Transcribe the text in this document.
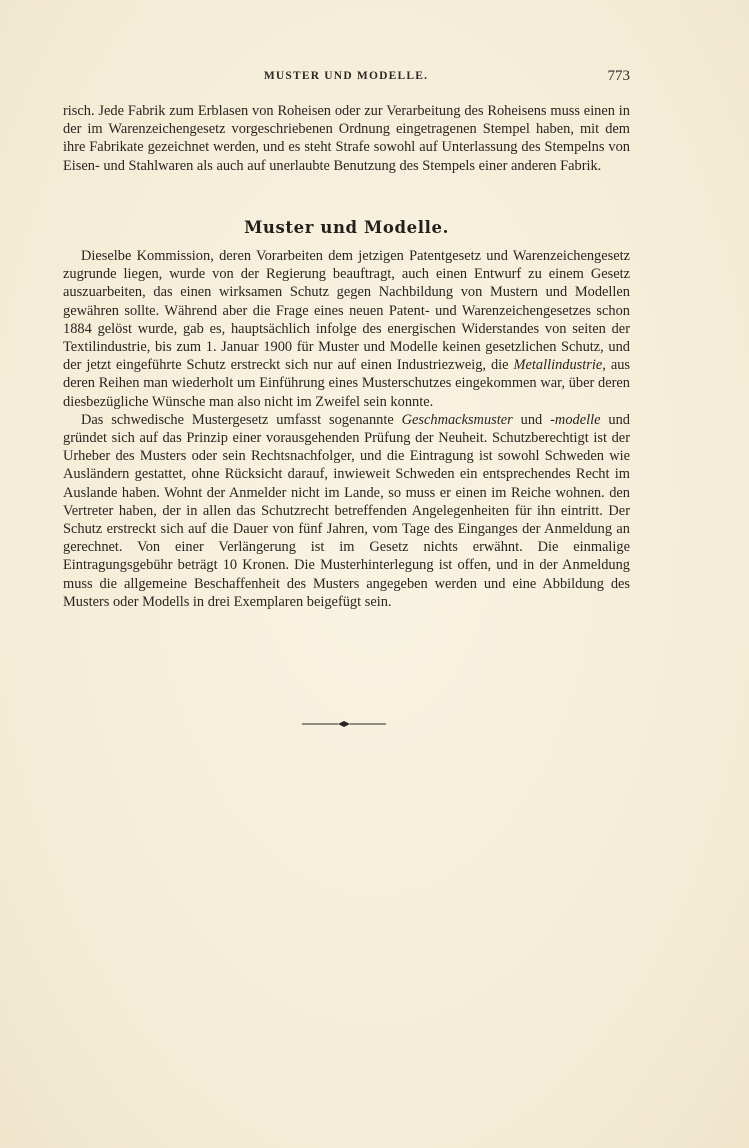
MUSTER UND MODELLE.	773

risch. Jede Fabrik zum Erblasen von Roheisen oder zur Verarbeitung des Roheisens muss einen in der im Warenzeichengesetz vorgeschriebenen Ordnung eingetragenen Stempel haben, mit dem ihre Fabrikate gezeichnet werden, und es steht Strafe sowohl auf Unterlassung des Stempelns von Eisen- und Stahlwaren als auch auf unerlaubte Benutzung des Stempels einer anderen Fabrik.

Muster und Modelle.

Dieselbe Kommission, deren Vorarbeiten dem jetzigen Patentgesetz und Warenzeichengesetz zugrunde liegen, wurde von der Regierung beauftragt, auch einen Entwurf zu einem Gesetz auszuarbeiten, das einen wirksamen Schutz gegen Nachbildung von Mustern und Modellen gewähren sollte. Während aber die Frage eines neuen Patent- und Warenzeichengesetzes schon 1884 gelöst wurde, gab es, hauptsächlich infolge des energischen Widerstandes von seiten der Textilindustrie, bis zum 1. Januar 1900 für Muster und Modelle keinen gesetzlichen Schutz, und der jetzt eingeführte Schutz erstreckt sich nur auf einen Industriezweig, die Metallindustrie, aus deren Reihen man wiederholt um Einführung eines Musterschutzes eingekommen war, über deren diesbezügliche Wünsche man also nicht im Zweifel sein konnte.

Das schwedische Mustergesetz umfasst sogenannte Geschmacksmuster und -modelle und gründet sich auf das Prinzip einer vorausgehenden Prüfung der Neuheit. Schutzberechtigt ist der Urheber des Musters oder sein Rechtsnachfolger, und die Eintragung ist sowohl Schweden wie Ausländern gestattet, ohne Rücksicht darauf, inwieweit Schweden ein entsprechendes Recht im Auslande haben. Wohnt der Anmelder nicht im Lande, so muss er einen im Reiche wohnen. den Vertreter haben, der in allen das Schutzrecht betreffenden Angelegenheiten für ihn eintritt. Der Schutz erstreckt sich auf die Dauer von fünf Jahren, vom Tage des Einganges der Anmeldung an gerechnet. Von einer Verlängerung ist im Gesetz nichts erwähnt. Die einmalige Eintragungsgebühr beträgt 10 Kronen. Die Musterhinterlegung ist offen, und in der Anmeldung muss die allgemeine Beschaffenheit des Musters angegeben werden und eine Abbildung des Musters oder Modells in drei Exemplaren beigefügt sein.
